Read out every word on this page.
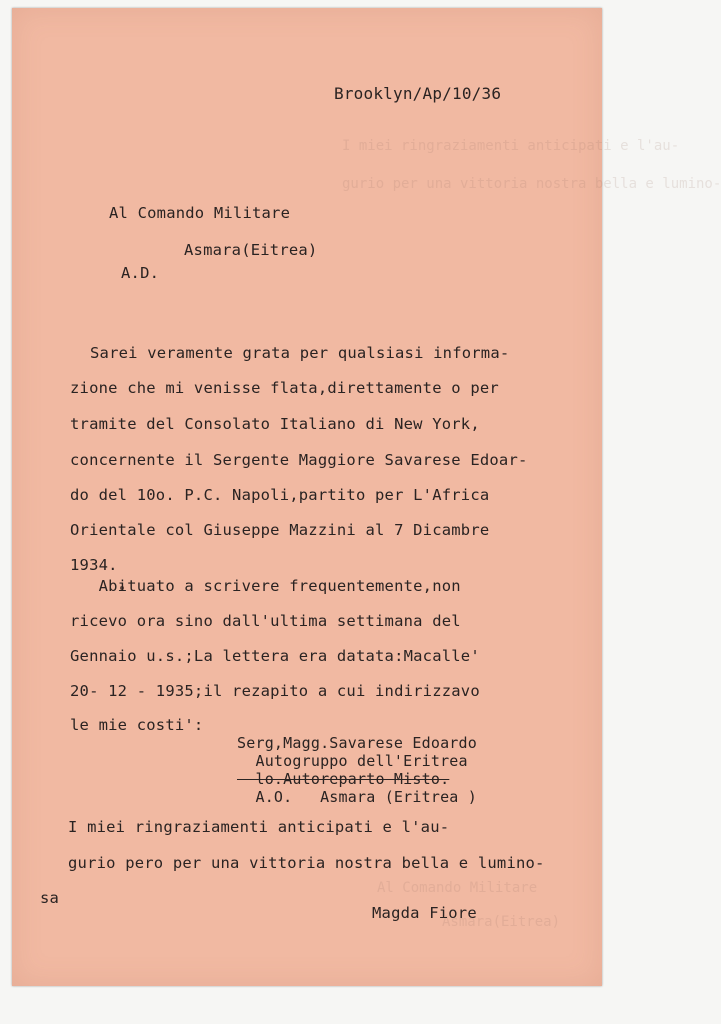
I miei ringraziamenti anticipati e l'au-
gurio per una vittoria nostra bella e lumino-
Al Comando Militare
Asmara(Eitrea)
Brooklyn/Ap/10/36
Al Comando Militare
Asmara(Eitrea)
A.D.
Sarei veramente grata per qualsiasi informa-
zione che mi venisse flata,direttamente o per
tramite del Consolato Italiano di New York,
concernente il Sergente Maggiore Savarese Edoar-
do del 10o. P.C. Napoli,partito per L'Africa
Orientale col Giuseppe Mazzini al 7 Dicambre
1934.
Abituato a scrivere frequentemente,non
ricevo ora sino dall'ultima settimana del
Gennaio u.s.;La lettera era datata:Macalle'
20- 12 - 1935;il rezapito a cui indirizzavo
le mie costi':
Serg,Magg.Savarese Edoardo
Autogruppo dell'Eritrea
lo.Autoreparto Misto.
A.O.   Asmara (Eritrea )
I miei ringraziamenti anticipati e l'au-
gurio pero per una vittoria nostra bella e lumino-
sa
Magda Fiore
